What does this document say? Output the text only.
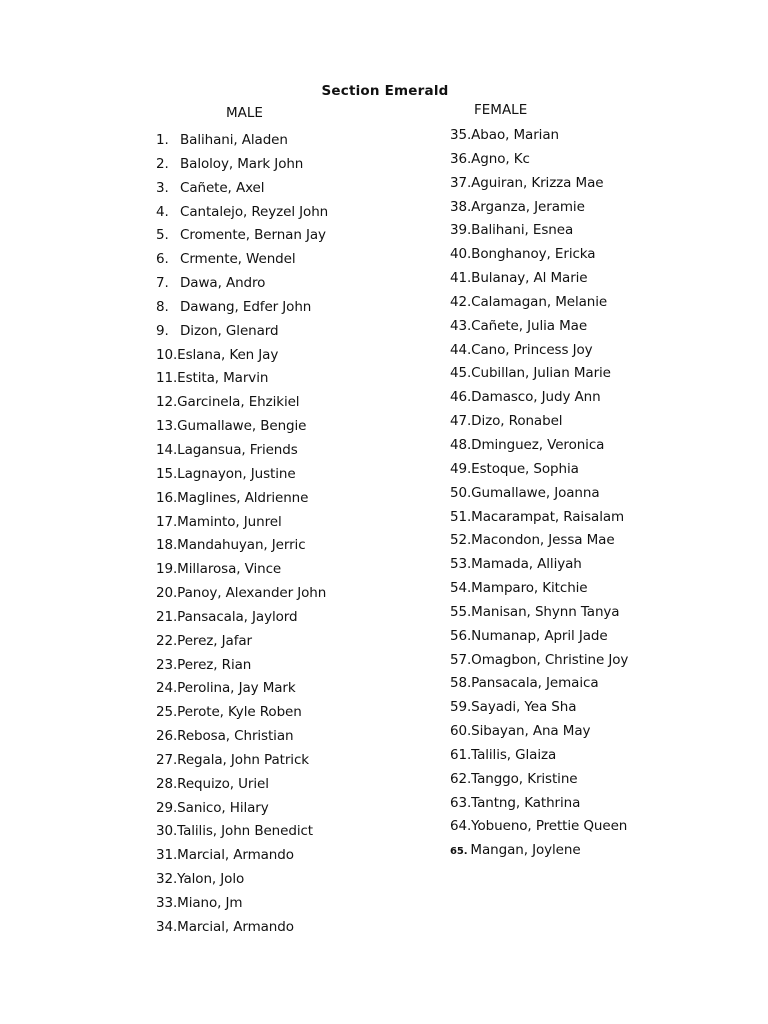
Section Emerald
MALE	FEMALE
1. Balihani, Aladen
2. Baloloy, Mark John
3. Cañete, Axel
4. Cantalejo, Reyzel John
5. Cromente, Bernan Jay
6. Crmente, Wendel
7. Dawa, Andro
8. Dawang, Edfer John
9. Dizon, Glenard
10.Eslana, Ken Jay
11.Estita, Marvin
12.Garcinela, Ehzikiel
13.Gumallawe, Bengie
14.Lagansua, Friends
15.Lagnayon, Justine
16.Maglines, Aldrienne
17.Maminto, Junrel
18.Mandahuyan, Jerric
19.Millarosa, Vince
20.Panoy, Alexander John
21.Pansacala, Jaylord
22.Perez, Jafar
23.Perez, Rian
24.Perolina, Jay Mark
25.Perote, Kyle Roben
26.Rebosa, Christian
27.Regala, John Patrick
28.Requizo, Uriel
29.Sanico, Hilary
30.Talilis, John Benedict
31.Marcial, Armando
32.Yalon, Jolo
33.Miano, Jm
34.Marcial, Armando
35.Abao, Marian
36.Agno, Kc
37.Aguiran, Krizza Mae
38.Arganza, Jeramie
39.Balihani, Esnea
40.Bonghanoy, Ericka
41.Bulanay, Al Marie
42.Calamagan, Melanie
43.Cañete, Julia Mae
44.Cano, Princess Joy
45.Cubillan, Julian Marie
46.Damasco, Judy Ann
47.Dizo, Ronabel
48.Dminguez, Veronica
49.Estoque, Sophia
50.Gumallawe, Joanna
51.Macarampat, Raisalam
52.Macondon, Jessa Mae
53.Mamada, Alliyah
54.Mamparo, Kitchie
55.Manisan, Shynn Tanya
56.Numanap, April Jade
57.Omagbon, Christine Joy
58.Pansacala, Jemaica
59.Sayadi, Yea Sha
60.Sibayan, Ana May
61.Talilis, Glaiza
62.Tanggo, Kristine
63.Tantng, Kathrina
64.Yobueno, Prettie Queen
65. Mangan, Joylene
